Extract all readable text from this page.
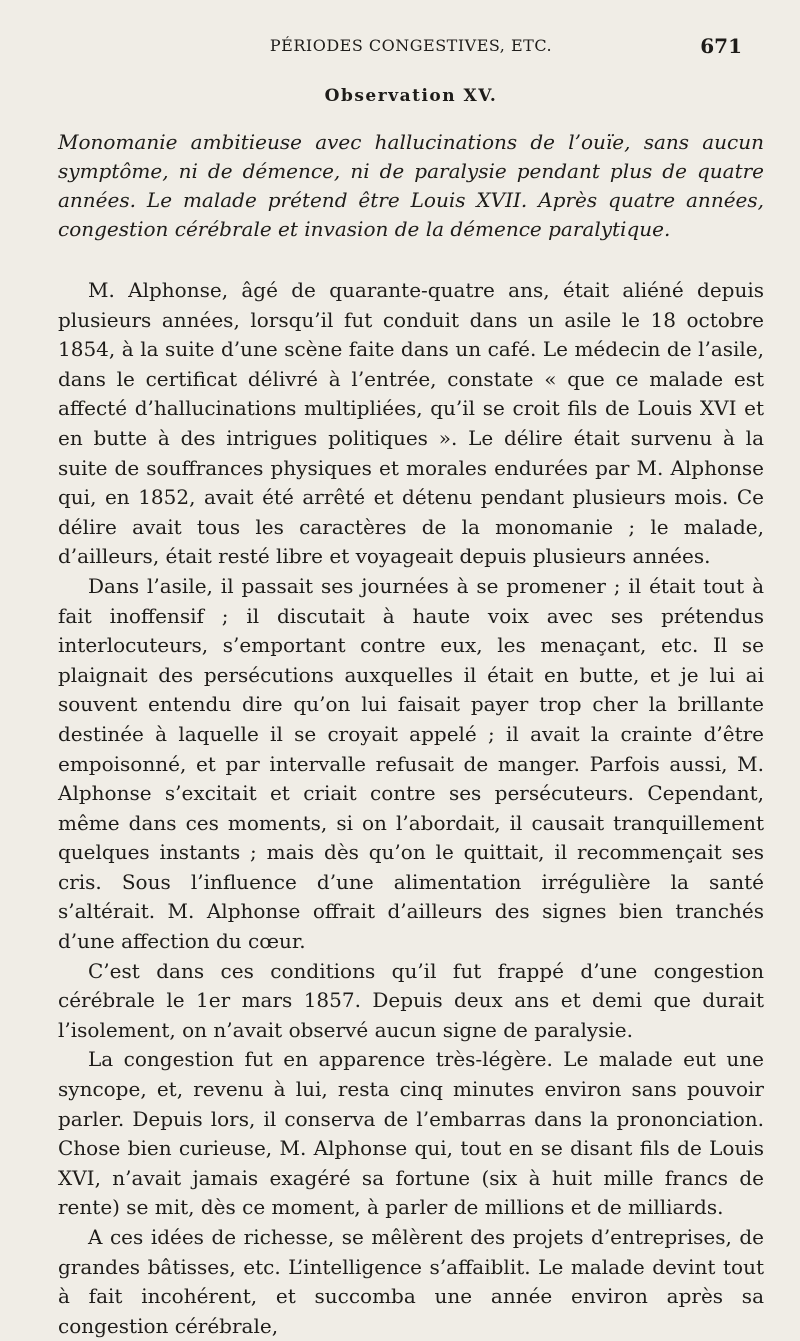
PÉRIODES CONGESTIVES, ETC.	671
Observation XV.
Monomanie ambitieuse avec hallucinations de l’ouïe, sans aucun symptôme, ni de démence, ni de paralysie pendant plus de quatre années. Le malade prétend être Louis XVII. Après quatre années, congestion cérébrale et invasion de la démence paralytique.

M. Alphonse, âgé de quarante-quatre ans, était aliéné depuis plusieurs années, lorsqu’il fut conduit dans un asile le 18 octobre 1854, à la suite d’une scène faite dans un café. Le médecin de l’asile, dans le certificat délivré à l’entrée, constate « que ce malade est affecté d’hallucinations multipliées, qu’il se croit fils de Louis XVI et en butte à des intrigues politiques ». Le délire était survenu à la suite de souffrances physiques et morales endurées par M. Alphonse qui, en 1852, avait été arrêté et détenu pendant plusieurs mois. Ce délire avait tous les caractères de la monomanie ; le malade, d’ailleurs, était resté libre et voyageait depuis plusieurs années.

Dans l’asile, il passait ses journées à se promener ; il était tout à fait inoffensif ; il discutait à haute voix avec ses prétendus interlocuteurs, s’emportant contre eux, les menaçant, etc. Il se plaignait des persécutions auxquelles il était en butte, et je lui ai souvent entendu dire qu’on lui faisait payer trop cher la brillante destinée à laquelle il se croyait appelé ; il avait la crainte d’être empoisonné, et par intervalle refusait de manger. Parfois aussi, M. Alphonse s’excitait et criait contre ses persécuteurs. Cependant, même dans ces moments, si on l’abordait, il causait tranquillement quelques instants ; mais dès qu’on le quittait, il recommençait ses cris. Sous l’influence d’une alimentation irrégulière la santé s’altérait. M. Alphonse offrait d’ailleurs des signes bien tranchés d’une affection du cœur.

C’est dans ces conditions qu’il fut frappé d’une congestion cérébrale le 1er mars 1857. Depuis deux ans et demi que durait l’isolement, on n’avait observé aucun signe de paralysie.

La congestion fut en apparence très-légère. Le malade eut une syncope, et, revenu à lui, resta cinq minutes environ sans pouvoir parler. Depuis lors, il conserva de l’embarras dans la prononciation. Chose bien curieuse, M. Alphonse qui, tout en se disant fils de Louis XVI, n’avait jamais exagéré sa fortune (six à huit mille francs de rente) se mit, dès ce moment, à parler de millions et de milliards.

A ces idées de richesse, se mêlèrent des projets d’entreprises, de grandes bâtisses, etc. L’intelligence s’affaiblit. Le malade devint tout à fait incohérent, et succomba une année environ après sa congestion cérébrale,
